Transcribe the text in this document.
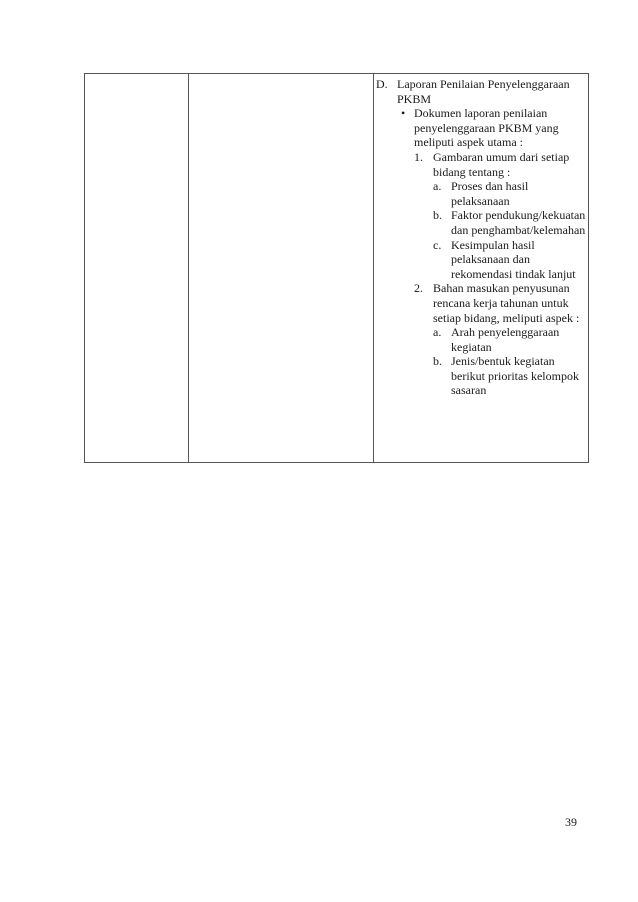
D. Laporan Penilaian Penyelenggaraan PKBM
• Dokumen laporan penilaian penyelenggaraan PKBM yang meliputi aspek utama :
1. Gambaran umum dari setiap bidang tentang :
a. Proses dan hasil pelaksanaan
b. Faktor pendukung/kekuatan dan penghambat/kelemahan
c. Kesimpulan hasil pelaksanaan dan rekomendasi tindak lanjut
2. Bahan masukan penyusunan rencana kerja tahunan untuk setiap bidang, meliputi aspek :
a. Arah penyelenggaraan kegiatan
b. Jenis/bentuk kegiatan berikut prioritas kelompok sasaran
39
